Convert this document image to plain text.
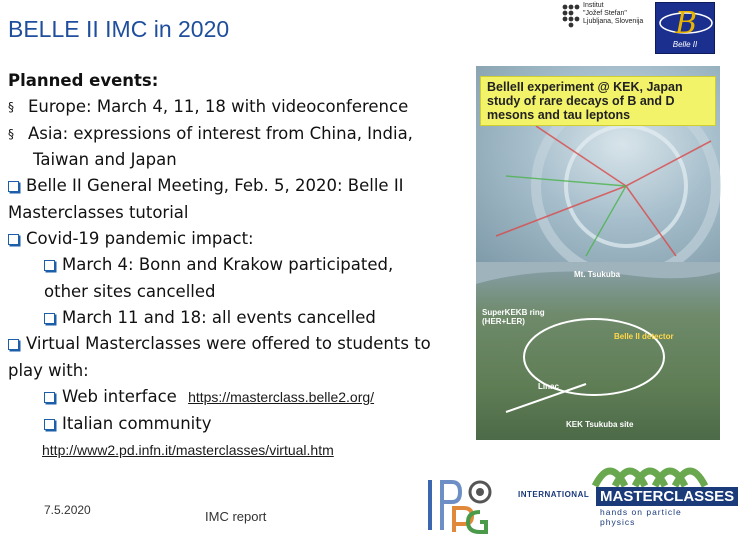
BELLE II IMC in 2020
Institut
"Jožef Stefan"
Ljubljana, Slovenija B
Belle II
Planned events:
§ Europe: March 4, 11, 18 with videoconference
§ Asia: expressions of interest from China, India,
Taiwan and Japan
Belle II General Meeting, Feb. 5, 2020: Belle II
Masterclasses tutorial
Covid-19 pandemic impact:
March 4: Bonn and Krakow participated,
other sites cancelled
March 11 and 18: all events cancelled
Virtual Masterclasses were offered to students to
play with:
Web interface https://masterclass.belle2.org/
Italian community
http://www2.pd.infn.it/masterclasses/virtual.htm
BelleII experiment @ KEK, Japan
study of rare decays of B and D
mesons and tau leptons
Mt. Tsukuba
SuperKEKB ring
(HER+LER)
Belle II detector
Linac
KEK Tsukuba site
7.5.2020	IMC report
INTERNATIONAL MASTERCLASSES
hands on particle physics
